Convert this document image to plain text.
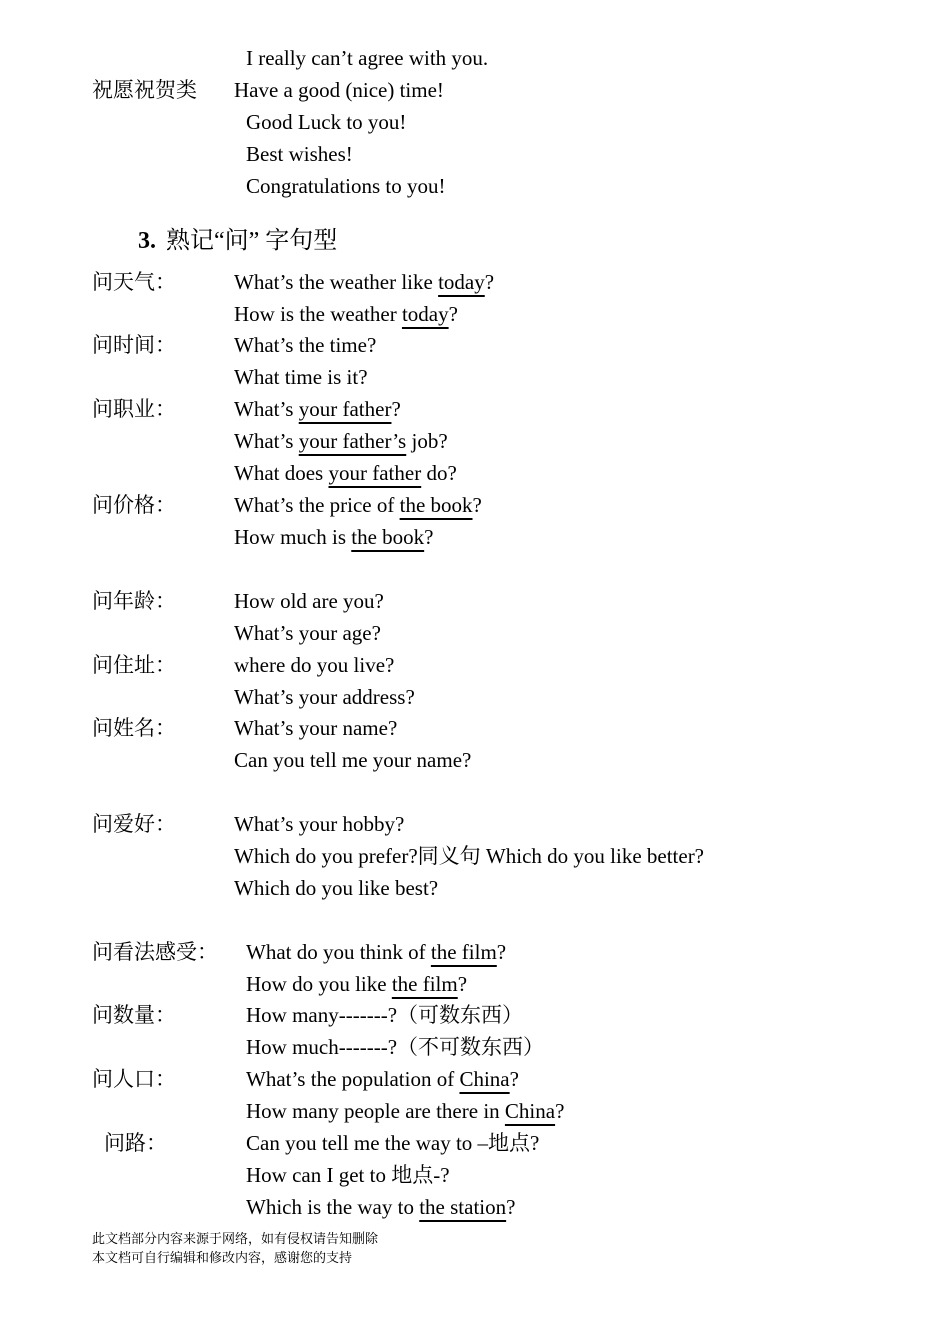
I really can’t agree with you.
祝愿祝贺类 Have a good (nice) time!
Good Luck to you!
Best wishes!
Congratulations to you!
3. 熟记“问” 字句型
问天气：	What’s the weather like today?
How is the weather today?
问时间：	What’s the time?
What time is it?
问职业：	What’s your father?
What’s your father’s job?
What does your father do?
问价格：	What’s the price of the book?
How much is the book?
问年龄：	How old are you?
What’s your age?
问住址：	where do you live?
What’s your address?
问姓名：	What’s your name?
Can you tell me your name?
问爱好：	What’s your hobby?
Which do you prefer?同义句 Which do you like better?
Which do you like best?
问看法感受： What do you think of the film?
How do you like the film?
问数量：	How many-------?（可数东西）
How much-------?（不可数东西）
问人口：	What’s the population of China?
How many people are there in China?
问路：	Can you tell me the way to –地点?
How can I get to 地点-?
Which is the way to the station?
此文档部分内容来源于网络，如有侵权请告知删除
本文档可自行编辑和修改内容，感谢您的支持
